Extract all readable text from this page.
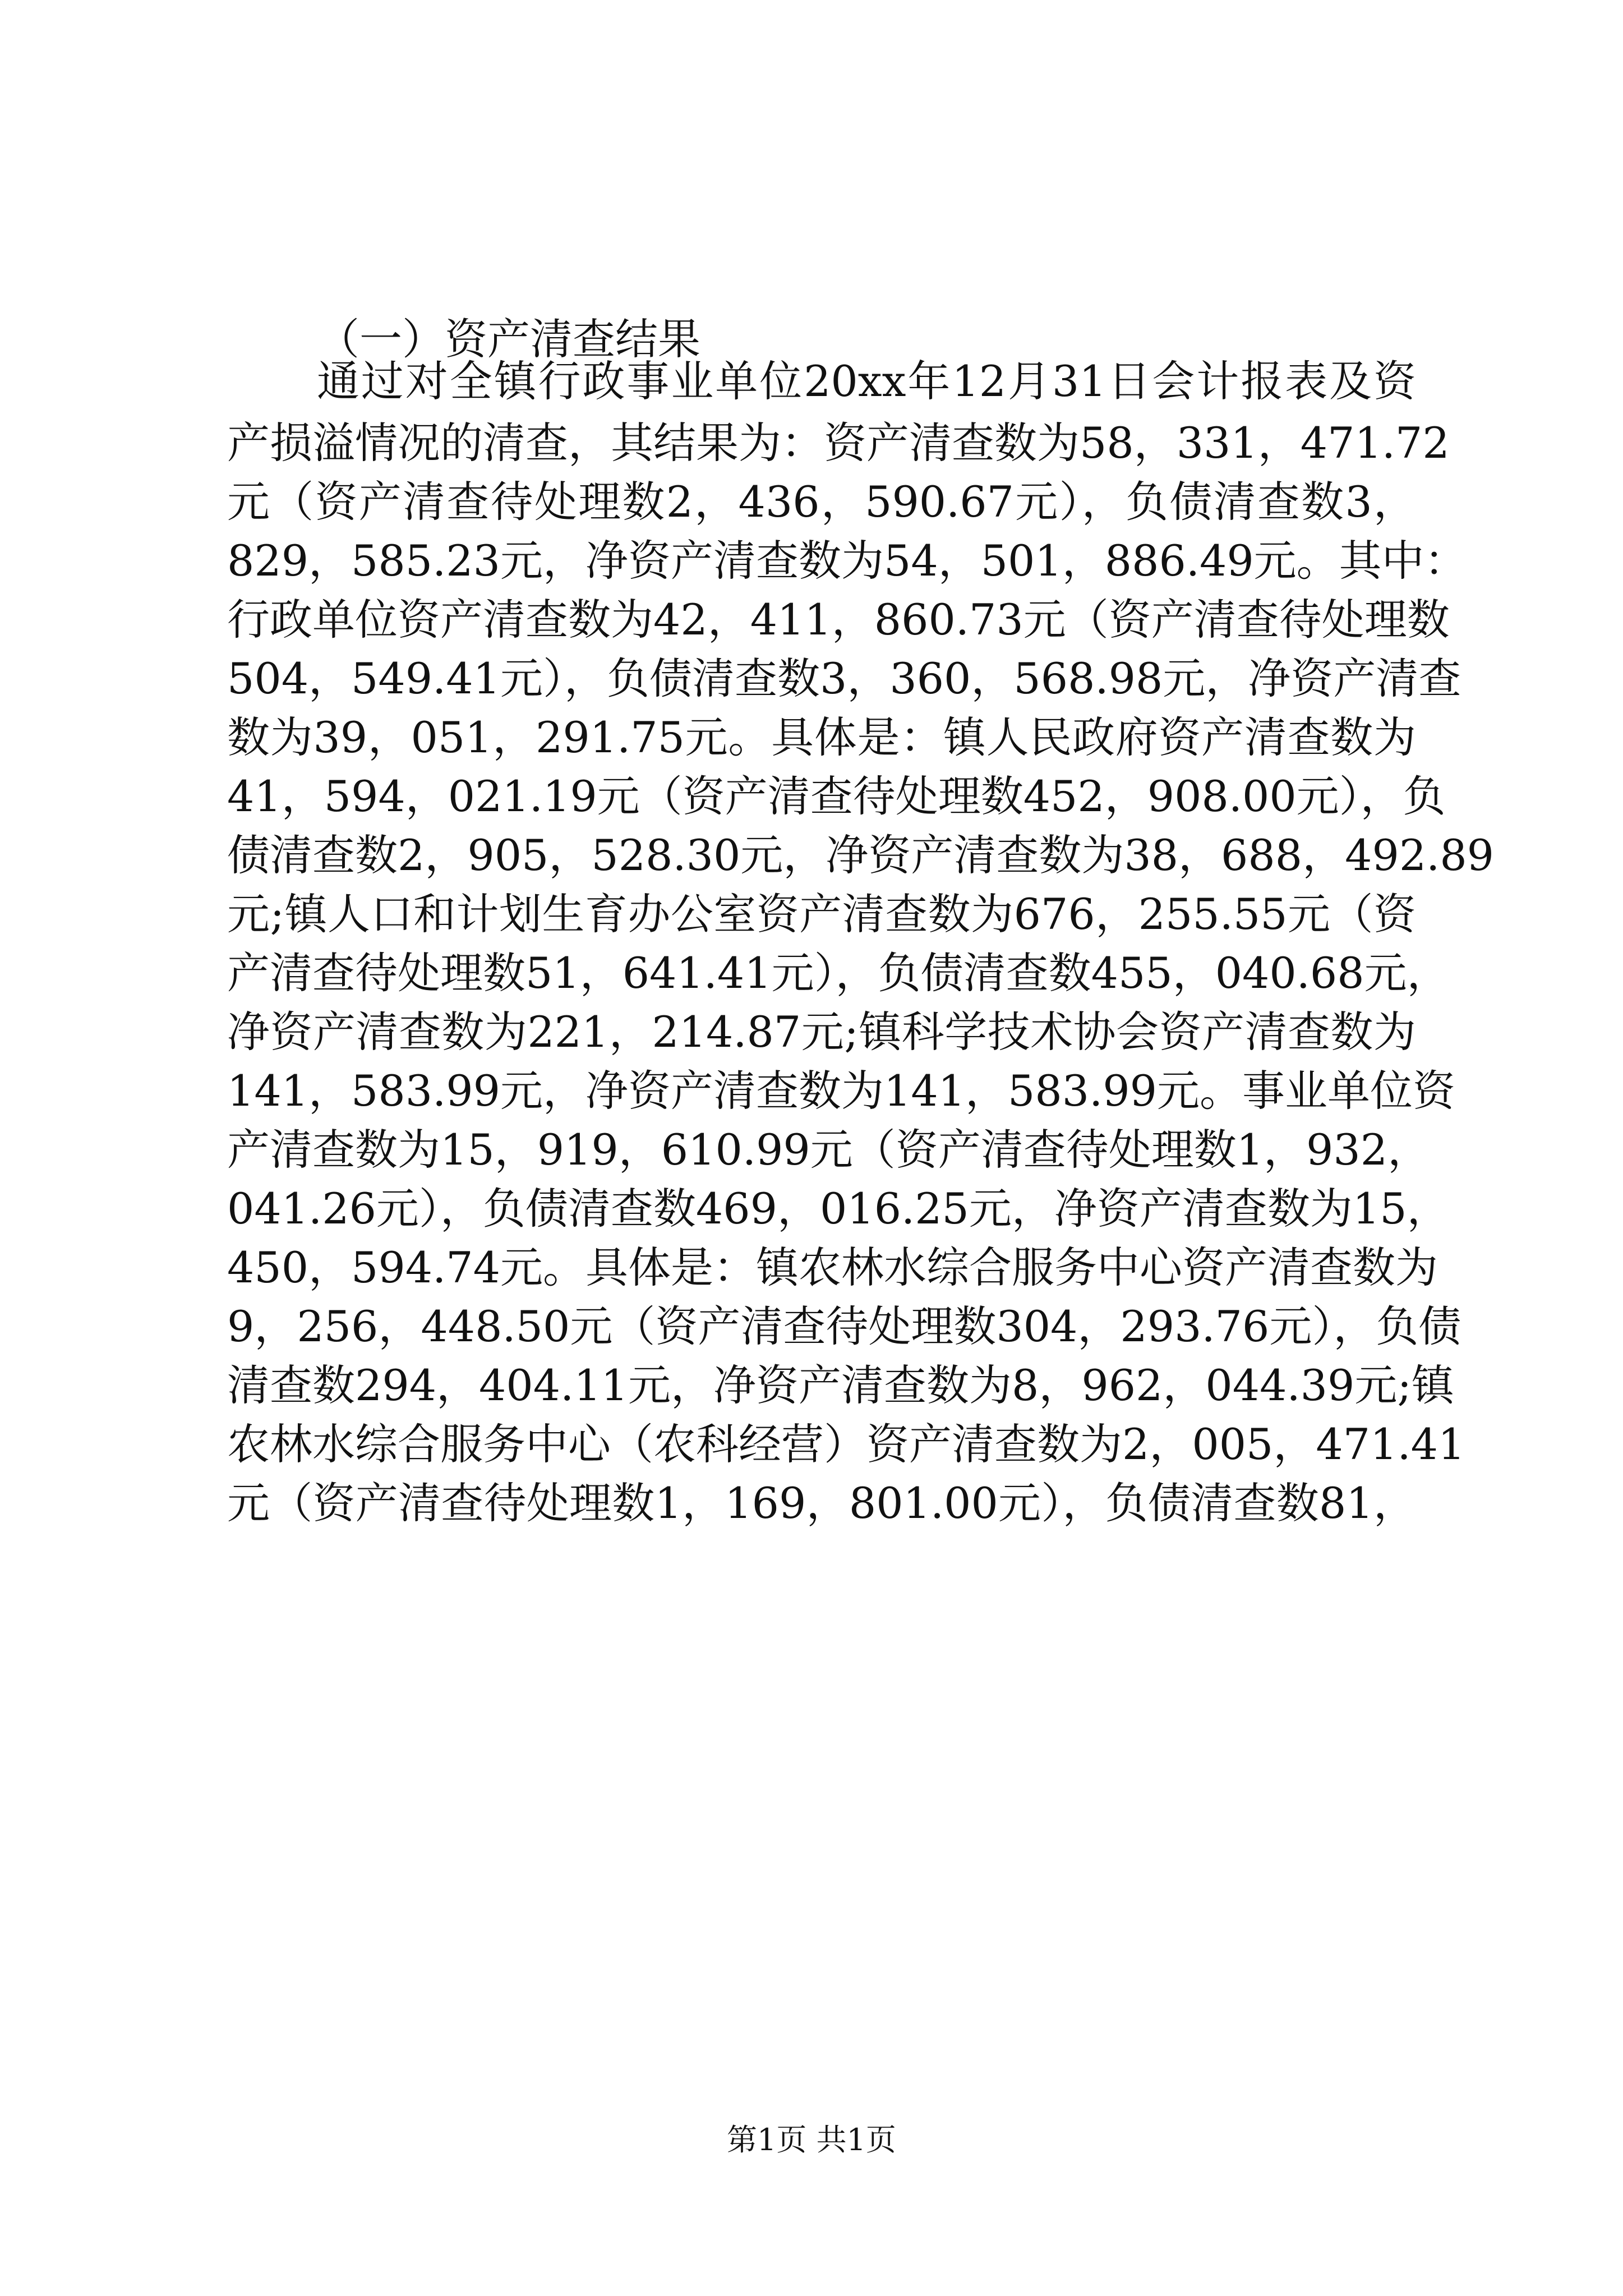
（一）资产清查结果

通过对全镇行政事业单位20xx年12月31日会计报表及资

产损溢情况的清查，其结果为：资产清查数为58，331，471.72

元（资产清查待处理数2，436，590.67元），负债清查数3，

829，585.23元，净资产清查数为54，501，886.49元。其中：

行政单位资产清查数为42，411，860.73元（资产清查待处理数

504，549.41元），负债清查数3，360，568.98元，净资产清查

数为39，051，291.75元。具体是：镇人民政府资产清查数为

41，594，021.19元（资产清查待处理数452，908.00元），负

债清查数2，905，528.30元，净资产清查数为38，688，492.89

元;镇人口和计划生育办公室资产清查数为676，255.55元（资

产清查待处理数51，641.41元），负债清查数455，040.68元，

净资产清查数为221，214.87元;镇科学技术协会资产清查数为

141，583.99元，净资产清查数为141，583.99元。事业单位资

产清查数为15，919，610.99元（资产清查待处理数1，932，

041.26元），负债清查数469，016.25元，净资产清查数为15，

450，594.74元。具体是：镇农林水综合服务中心资产清查数为

9，256，448.50元（资产清查待处理数304，293.76元），负债

清查数294，404.11元，净资产清查数为8，962，044.39元;镇

农林水综合服务中心（农科经营）资产清查数为2，005，471.41

元（资产清查待处理数1，169，801.00元），负债清查数81，

第1页 共1页
